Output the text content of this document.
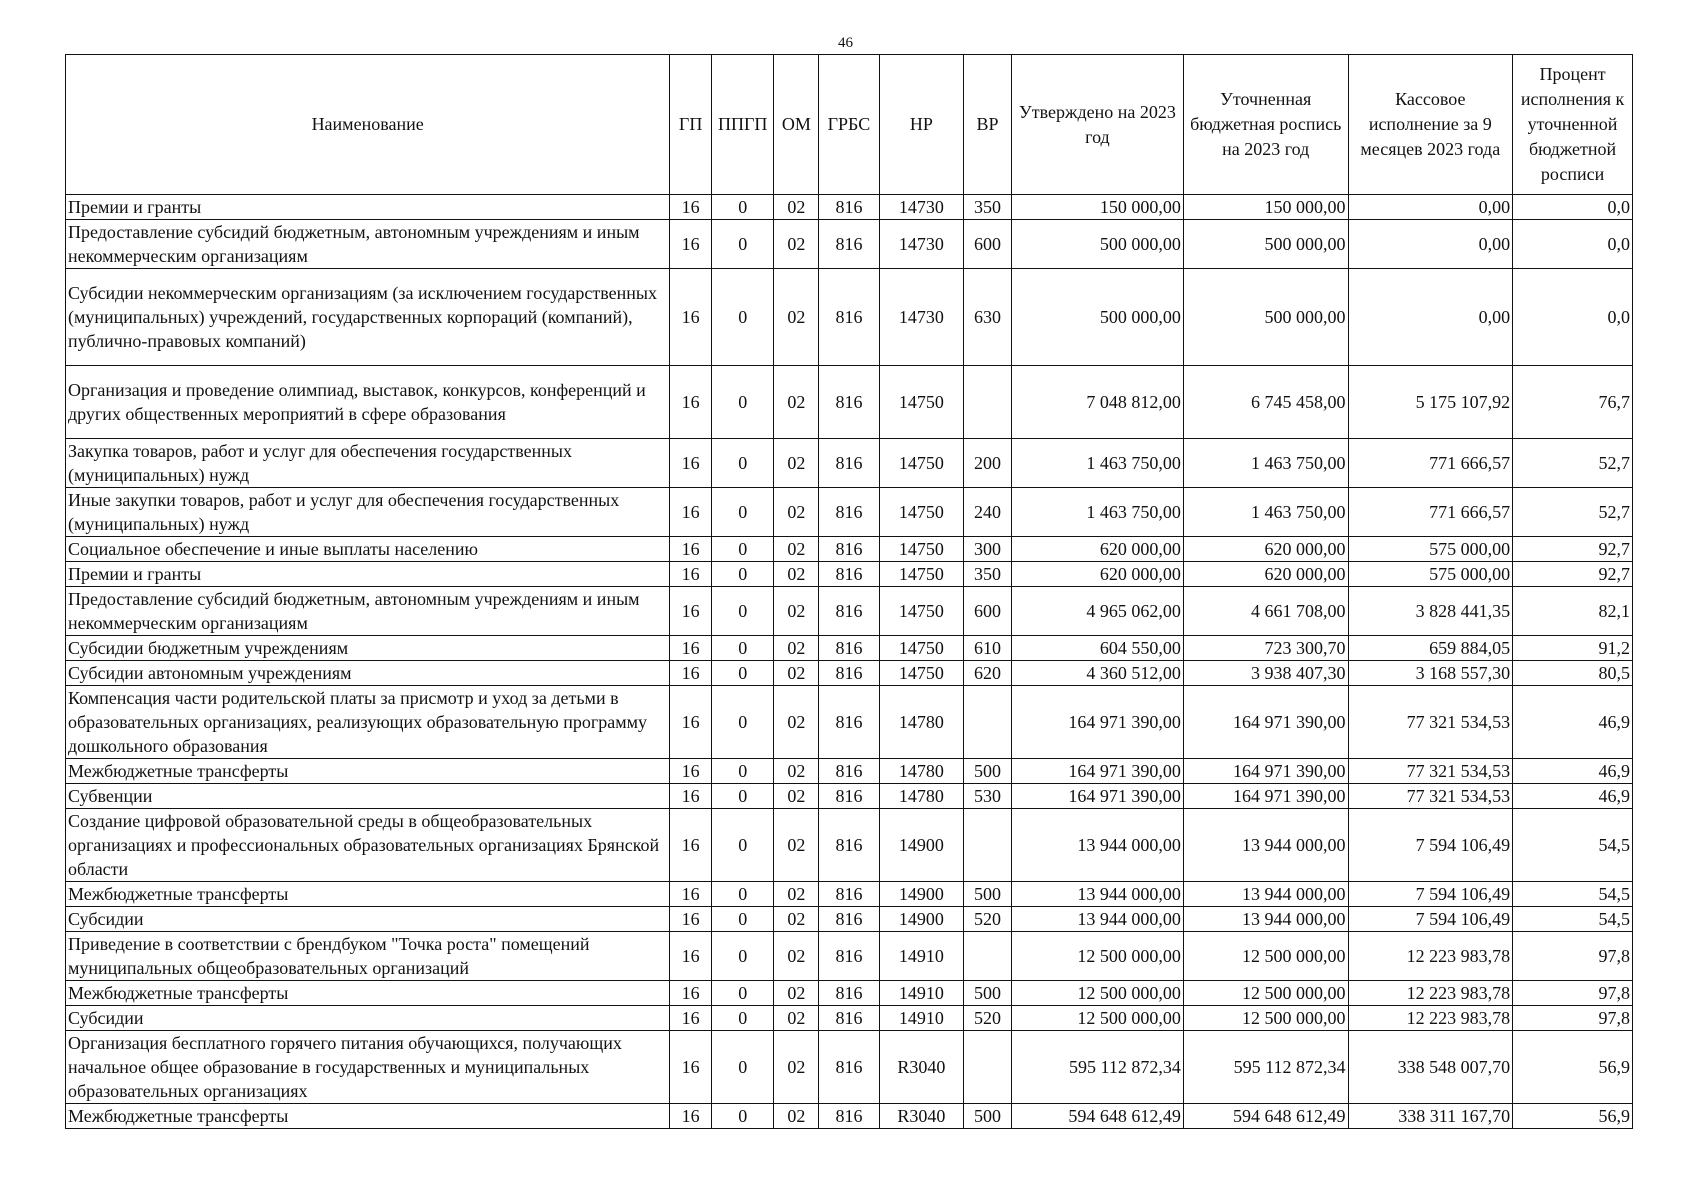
46
Наименование	ГП	ППГП	ОМ	ГРБС	НР	ВР	Утверждено на 2023 год	Уточненная бюджетная роспись на 2023 год	Кассовое исполнение за 9 месяцев 2023 года	Процент исполнения к уточненной бюджетной росписи
Премии и гранты	16	0	02	816	14730	350	150 000,00	150 000,00	0,00	0,0
Предоставление субсидий бюджетным, автономным учреждениям и иным некоммерческим организациям	16	0	02	816	14730	600	500 000,00	500 000,00	0,00	0,0
Субсидии некоммерческим организациям (за исключением государственных (муниципальных) учреждений, государственных корпораций (компаний), публично-правовых компаний)	16	0	02	816	14730	630	500 000,00	500 000,00	0,00	0,0
Организация и проведение олимпиад, выставок, конкурсов, конференций и других общественных мероприятий в сфере образования	16	0	02	816	14750		7 048 812,00	6 745 458,00	5 175 107,92	76,7
Закупка товаров, работ и услуг для обеспечения государственных (муниципальных) нужд	16	0	02	816	14750	200	1 463 750,00	1 463 750,00	771 666,57	52,7
Иные закупки товаров, работ и услуг для обеспечения государственных (муниципальных) нужд	16	0	02	816	14750	240	1 463 750,00	1 463 750,00	771 666,57	52,7
Социальное обеспечение и иные выплаты населению	16	0	02	816	14750	300	620 000,00	620 000,00	575 000,00	92,7
Премии и гранты	16	0	02	816	14750	350	620 000,00	620 000,00	575 000,00	92,7
Предоставление субсидий бюджетным, автономным учреждениям и иным некоммерческим организациям	16	0	02	816	14750	600	4 965 062,00	4 661 708,00	3 828 441,35	82,1
Субсидии бюджетным учреждениям	16	0	02	816	14750	610	604 550,00	723 300,70	659 884,05	91,2
Субсидии автономным учреждениям	16	0	02	816	14750	620	4 360 512,00	3 938 407,30	3 168 557,30	80,5
Компенсация части родительской платы за присмотр и уход за детьми в образовательных организациях, реализующих образовательную программу дошкольного образования	16	0	02	816	14780		164 971 390,00	164 971 390,00	77 321 534,53	46,9
Межбюджетные трансферты	16	0	02	816	14780	500	164 971 390,00	164 971 390,00	77 321 534,53	46,9
Субвенции	16	0	02	816	14780	530	164 971 390,00	164 971 390,00	77 321 534,53	46,9
Создание цифровой образовательной среды в общеобразовательных организациях и профессиональных образовательных организациях Брянской области	16	0	02	816	14900		13 944 000,00	13 944 000,00	7 594 106,49	54,5
Межбюджетные трансферты	16	0	02	816	14900	500	13 944 000,00	13 944 000,00	7 594 106,49	54,5
Субсидии	16	0	02	816	14900	520	13 944 000,00	13 944 000,00	7 594 106,49	54,5
Приведение в соответствии с брендбуком "Точка роста" помещений муниципальных общеобразовательных организаций	16	0	02	816	14910		12 500 000,00	12 500 000,00	12 223 983,78	97,8
Межбюджетные трансферты	16	0	02	816	14910	500	12 500 000,00	12 500 000,00	12 223 983,78	97,8
Субсидии	16	0	02	816	14910	520	12 500 000,00	12 500 000,00	12 223 983,78	97,8
Организация бесплатного горячего питания обучающихся, получающих начальное общее образование в государственных и муниципальных образовательных организациях	16	0	02	816	R3040		595 112 872,34	595 112 872,34	338 548 007,70	56,9
Межбюджетные трансферты	16	0	02	816	R3040	500	594 648 612,49	594 648 612,49	338 311 167,70	56,9
